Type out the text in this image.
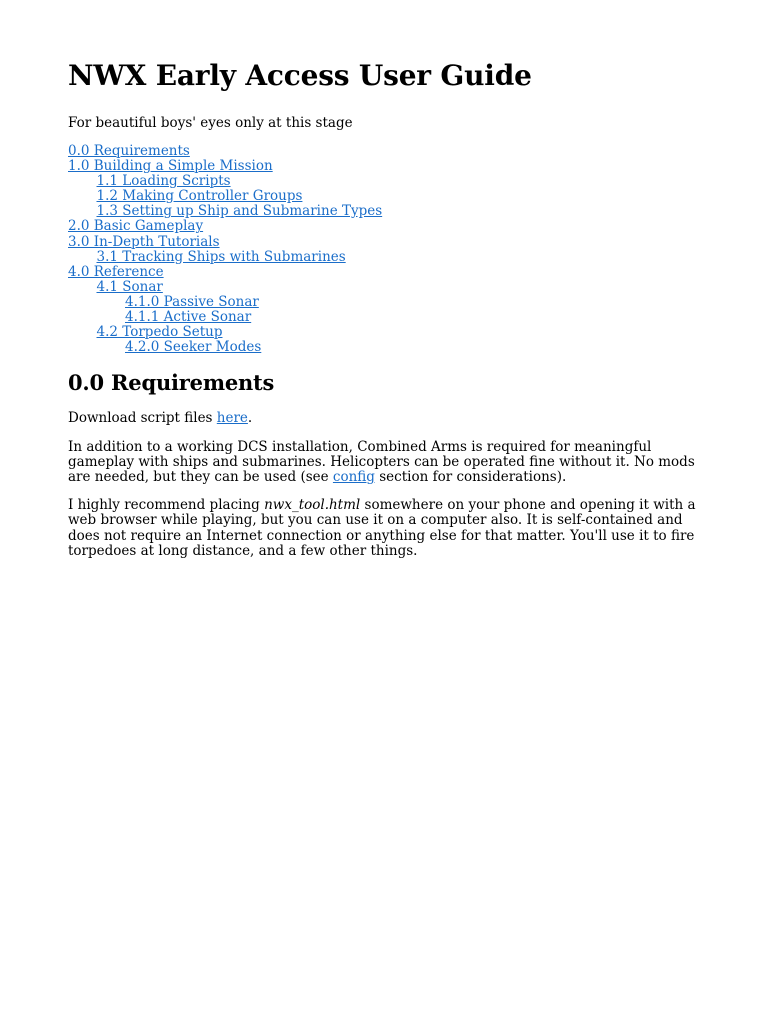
NWX Early Access User Guide
For beautiful boys' eyes only at this stage
0.0 Requirements
1.0 Building a Simple Mission
1.1 Loading Scripts
1.2 Making Controller Groups
1.3 Setting up Ship and Submarine Types
2.0 Basic Gameplay
3.0 In-Depth Tutorials
3.1 Tracking Ships with Submarines
4.0 Reference
4.1 Sonar
4.1.0 Passive Sonar
4.1.1 Active Sonar
4.2 Torpedo Setup
4.2.0 Seeker Modes
0.0 Requirements

Download script files here.

In addition to a working DCS installation, Combined Arms is required for meaningful gameplay with ships and submarines. Helicopters can be operated fine without it. No mods are needed, but they can be used (see config section for considerations).

I highly recommend placing nwx_tool.html somewhere on your phone and opening it with a web browser while playing, but you can use it on a computer also. It is self-contained and does not require an Internet connection or anything else for that matter. You'll use it to fire torpedoes at long distance, and a few other things.
